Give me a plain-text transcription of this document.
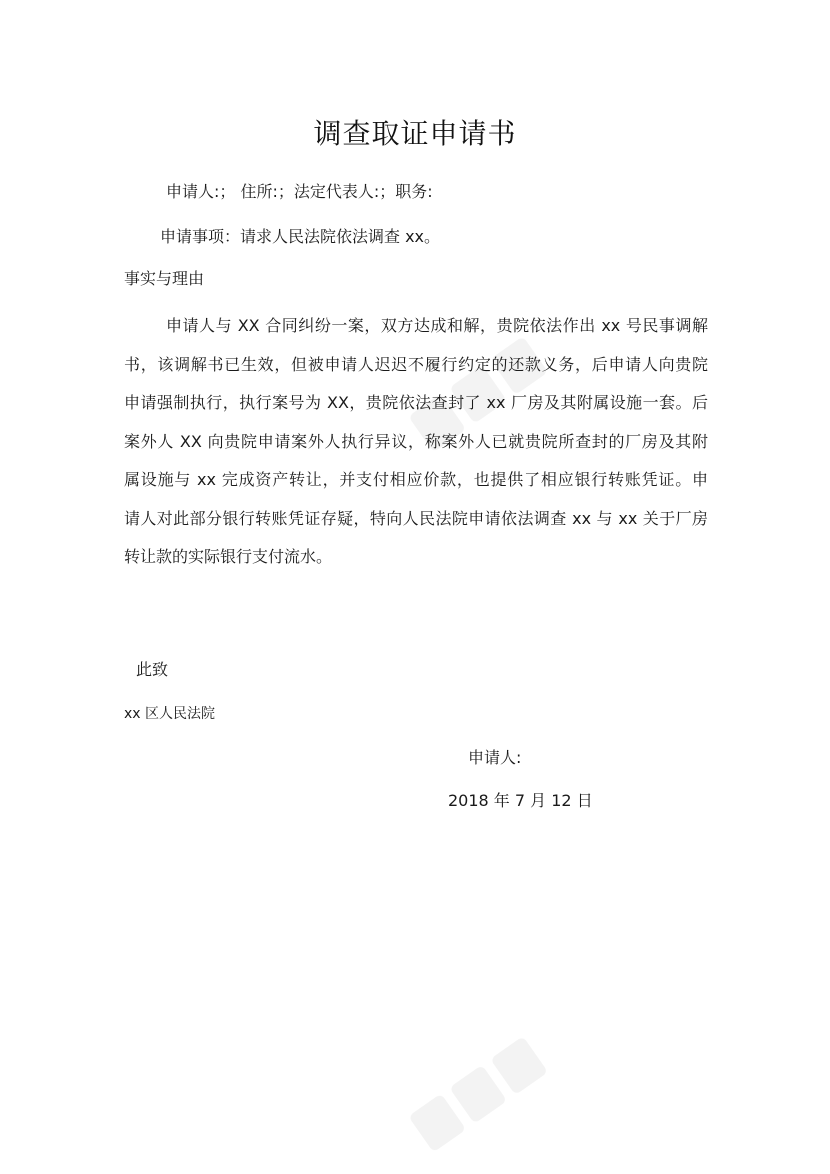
调查取证申请书
申请人:； 住所:；法定代表人:；职务:
申请事项：请求人民法院依法调查 xx。
事实与理由
申请人与 XX 合同纠纷一案，双方达成和解，贵院依法作出 xx 号民事调解
书，该调解书已生效，但被申请人迟迟不履行约定的还款义务，后申请人向贵院
申请强制执行，执行案号为 XX，贵院依法查封了 xx 厂房及其附属设施一套。后
案外人 XX 向贵院申请案外人执行异议，称案外人已就贵院所查封的厂房及其附
属设施与 xx 完成资产转让，并支付相应价款，也提供了相应银行转账凭证。申
请人对此部分银行转账凭证存疑，特向人民法院申请依法调查 xx 与 xx 关于厂房
转让款的实际银行支付流水。
此致
xx 区人民法院
申请人:
2018 年 7 月 12 日
